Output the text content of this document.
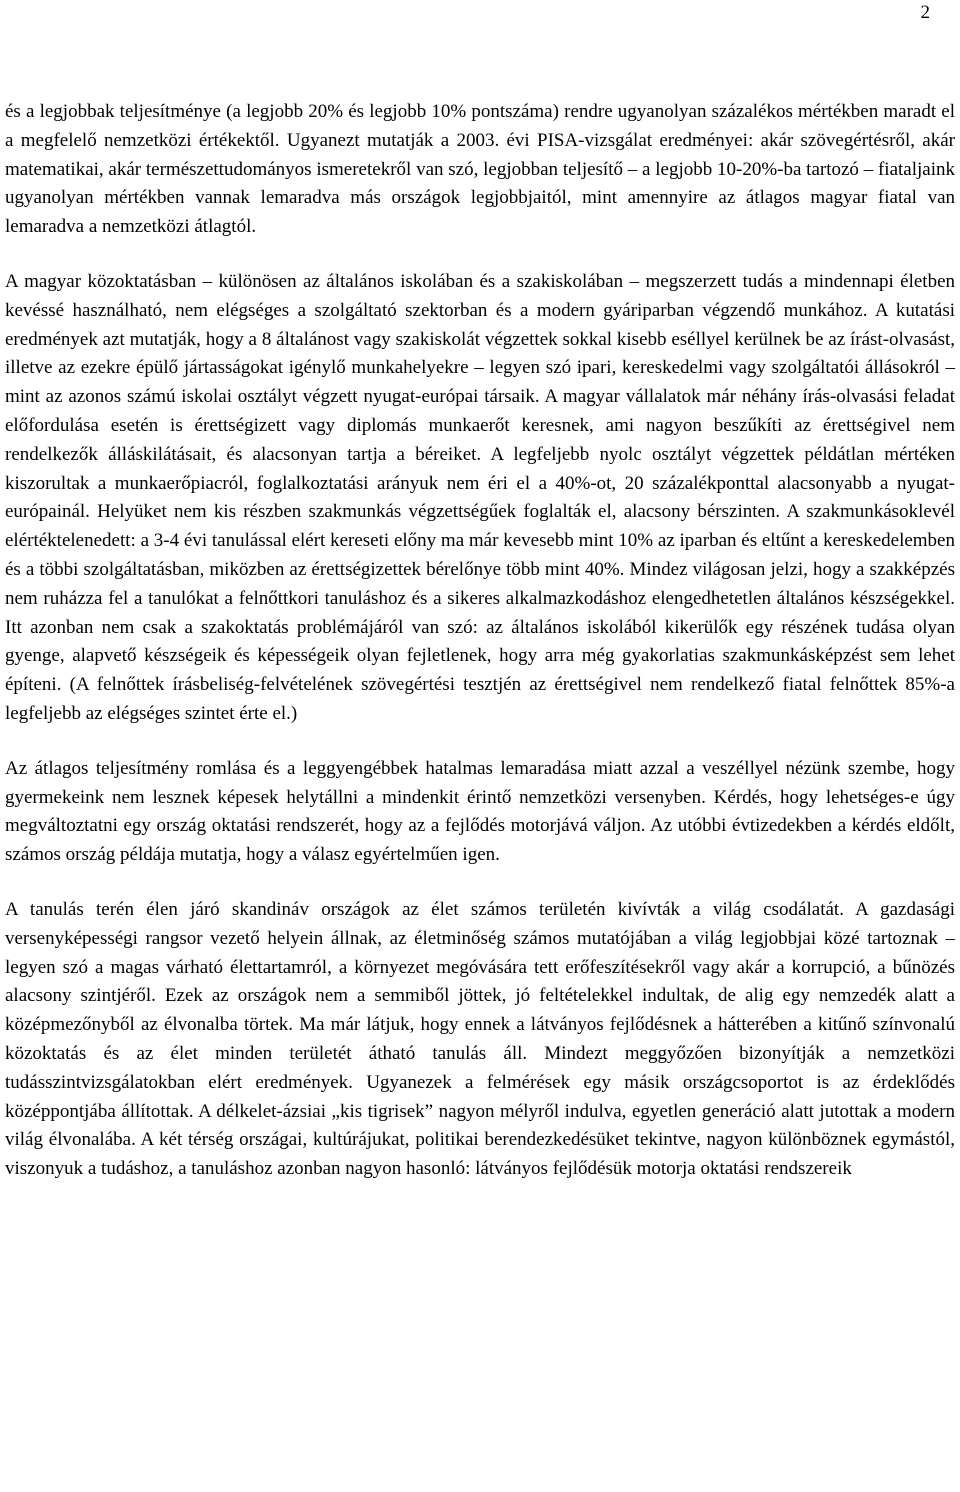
2

és a legjobbak teljesítménye (a legjobb 20% és legjobb 10% pontszáma) rendre ugyanolyan százalékos mértékben maradt el a megfelelő nemzetközi értékektől. Ugyanezt mutatják a 2003. évi PISA-vizsgálat eredményei: akár szövegértésről, akár matematikai, akár természettudományos ismeretekről van szó, legjobban teljesítő – a legjobb 10-20%-ba tartozó – fiataljaink ugyanolyan mértékben vannak lemaradva más országok legjobbjaitól, mint amennyire az átlagos magyar fiatal van lemaradva a nemzetközi átlagtól.

A magyar közoktatásban – különösen az általános iskolában és a szakiskolában – megszerzett tudás a mindennapi életben kevéssé használható, nem elégséges a szolgáltató szektorban és a modern gyáriparban végzendő munkához. A kutatási eredmények azt mutatják, hogy a 8 általánost vagy szakiskolát végzettek sokkal kisebb eséllyel kerülnek be az írást-olvasást, illetve az ezekre épülő jártasságokat igénylő munkahelyekre – legyen szó ipari, kereskedelmi vagy szolgáltatói állásokról – mint az azonos számú iskolai osztályt végzett nyugat-európai társaik. A magyar vállalatok már néhány írás-olvasási feladat előfordulása esetén is érettségizett vagy diplomás munkaerőt keresnek, ami nagyon beszűkíti az érettségivel nem rendelkezők álláskilátásait, és alacsonyan tartja a béreiket. A legfeljebb nyolc osztályt végzettek példátlan mértéken kiszorultak a munkaerőpiacról, foglalkoztatási arányuk nem éri el a 40%-ot, 20 százalékponttal alacsonyabb a nyugat-európainál. Helyüket nem kis részben szakmunkás végzettségűek foglalták el, alacsony bérszinten. A szakmunkásoklevél elértéktelenedett: a 3-4 évi tanulással elért kereseti előny ma már kevesebb mint 10% az iparban és eltűnt a kereskedelemben és a többi szolgáltatásban, miközben az érettségizettek bérelőnye több mint 40%. Mindez világosan jelzi, hogy a szakképzés nem ruházza fel a tanulókat a felnőttkori tanuláshoz és a sikeres alkalmazkodáshoz elengedhetetlen általános készségekkel. Itt azonban nem csak a szakoktatás problémájáról van szó: az általános iskolából kikerülők egy részének tudása olyan gyenge, alapvető készségeik és képességeik olyan fejletlenek, hogy arra még gyakorlatias szakmunkásképzést sem lehet építeni. (A felnőttek írásbeliség-felvételének szövegértési tesztjén az érettségivel nem rendelkező fiatal felnőttek 85%-a legfeljebb az elégséges szintet érte el.)

Az átlagos teljesítmény romlása és a leggyengébbek hatalmas lemaradása miatt azzal a veszéllyel nézünk szembe, hogy gyermekeink nem lesznek képesek helytállni a mindenkit érintő nemzetközi versenyben. Kérdés, hogy lehetséges-e úgy megváltoztatni egy ország oktatási rendszerét, hogy az a fejlődés motorjává váljon. Az utóbbi évtizedekben a kérdés eldőlt, számos ország példája mutatja, hogy a válasz egyértelműen igen.

A tanulás terén élen járó skandináv országok az élet számos területén kivívták a világ csodálatát. A gazdasági versenyképességi rangsor vezető helyein állnak, az életminőség számos mutatójában a világ legjobbjai közé tartoznak – legyen szó a magas várható élettartamról, a környezet megóvására tett erőfeszítésekről vagy akár a korrupció, a bűnözés alacsony szintjéről. Ezek az országok nem a semmiből jöttek, jó feltételekkel indultak, de alig egy nemzedék alatt a középmezőnyből az élvonalba törtek. Ma már látjuk, hogy ennek a látványos fejlődésnek a hátterében a kitűnő színvonalú közoktatás és az élet minden területét átható tanulás áll. Mindezt meggyőzően bizonyítják a nemzetközi tudásszintvizsgálatokban elért eredmények. Ugyanezek a felmérések egy másik országcsoportot is az érdeklődés középpontjába állítottak. A délkelet-ázsiai „kis tigrisek” nagyon mélyről indulva, egyetlen generáció alatt jutottak a modern világ élvonalába. A két térség országai, kultúrájukat, politikai berendezkedésüket tekintve, nagyon különböznek egymástól, viszonyuk a tudáshoz, a tanuláshoz azonban nagyon hasonló: látványos fejlődésük motorja oktatási rendszereik
